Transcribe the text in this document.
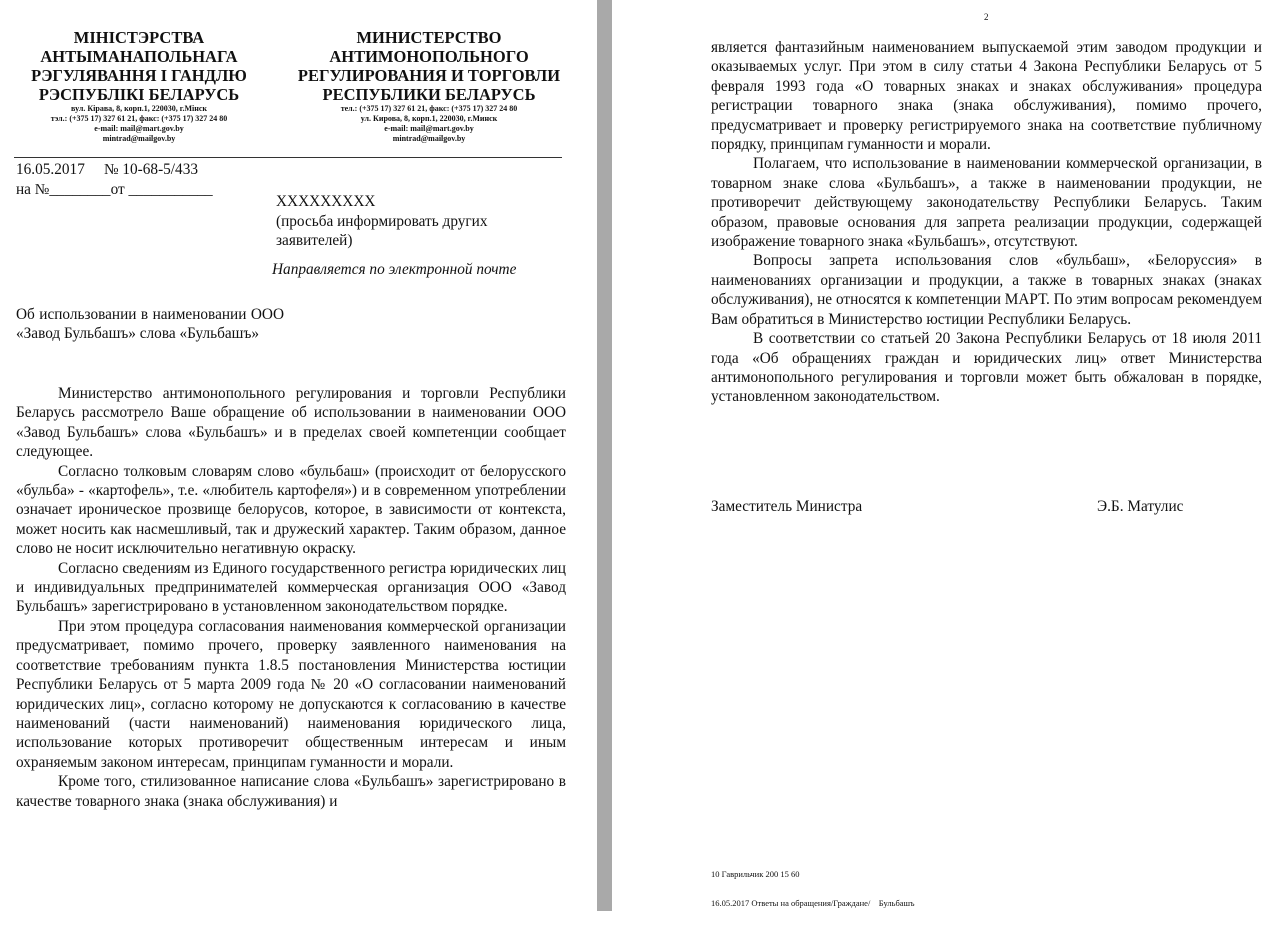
МIНIСТЭРСТВА
АНТЫМАНАПОЛЬНАГА
РЭГУЛЯВАННЯ I ГАНДЛЮ
РЭСПУБЛIКI БЕЛАРУСЬ
вул. Кiрава, 8, корп.1, 220030, г.Мiнск
тэл.: (+375 17) 327 61 21, факс: (+375 17) 327 24 80
e-mail: mail@mart.gov.by
mintrad@mailgov.by
МИНИСТЕРСТВО
АНТИМОНОПОЛЬНОГО
РЕГУЛИРОВАНИЯ И ТОРГОВЛИ
РЕСПУБЛИКИ БЕЛАРУСЬ
тел.: (+375 17) 327 61 21, факс: (+375 17) 327 24 80
ул. Кирова, 8, корп.1, 220030, г.Минск
e-mail: mail@mart.gov.by
mintrad@mailgov.by
16.05.2017     № 10-68-5/433
на №________от ___________
XXXXXXXXX
(просьба информировать других заявителей)
Направляется по электронной почте

Об использовании в наименовании ООО «Завод Бульбашъ» слова «Бульбашъ»

Министерство антимонопольного регулирования и торговли Республики Беларусь рассмотрело Ваше обращение об использовании в наименовании ООО «Завод Бульбашъ» слова «Бульбашъ» и в пределах своей компетенции сообщает следующее.

Согласно толковым словарям слово «бульбаш» (происходит от белорусского «бульба» - «картофель», т.е. «любитель картофеля») и в современном употреблении означает ироническое прозвище белорусов, которое, в зависимости от контекста, может носить как насмешливый, так и дружеский характер. Таким образом, данное слово не носит исключительно негативную окраску.

Согласно сведениям из Единого государственного регистра юридических лиц и индивидуальных предпринимателей коммерческая организация ООО «Завод Бульбашъ» зарегистрировано в установленном законодательством порядке.

При этом процедура согласования наименования коммерческой организации предусматривает, помимо прочего, проверку заявленного наименования на соответствие требованиям пункта 1.8.5 постановления Министерства юстиции Республики Беларусь от 5 марта 2009 года № 20 «О согласовании наименований юридических лиц», согласно которому не допускаются к согласованию в качестве наименований (части наименований) наименования юридического лица, использование которых противоречит общественным интересам и иным охраняемым законом интересам, принципам гуманности и морали.

Кроме того, стилизованное написание слова «Бульбашъ» зарегистрировано в качестве товарного знака (знака обслуживания) и

2

является фантазийным наименованием выпускаемой этим заводом продукции и оказываемых услуг. При этом в силу статьи 4 Закона Республики Беларусь от 5 февраля 1993 года «О товарных знаках и знаках обслуживания» процедура регистрации товарного знака (знака обслуживания), помимо прочего, предусматривает и проверку регистрируемого знака на соответствие публичному порядку, принципам гуманности и морали.

Полагаем, что использование в наименовании коммерческой организации, в товарном знаке слова «Бульбашъ», а также в наименовании продукции, не противоречит действующему законодательству Республики Беларусь. Таким образом, правовые основания для запрета реализации продукции, содержащей изображение товарного знака «Бульбашъ», отсутствуют.

Вопросы запрета использования слов «бульбаш», «Белоруссия» в наименованиях организации и продукции, а также в товарных знаках (знаках обслуживания), не относятся к компетенции МАРТ. По этим вопросам рекомендуем Вам обратиться в Министерство юстиции Республики Беларусь.

В соответствии со статьей 20 Закона Республики Беларусь от 18 июля 2011 года «Об обращениях граждан и юридических лиц» ответ Министерства антимонопольного регулирования и торговли может быть обжалован в порядке, установленном законодательством.

Заместитель Министра	Э.Б. Матулис

10 Гаврильчик 200 15 60

16.05.2017 Ответы на обращения/Граждане/    Бульбашъ
